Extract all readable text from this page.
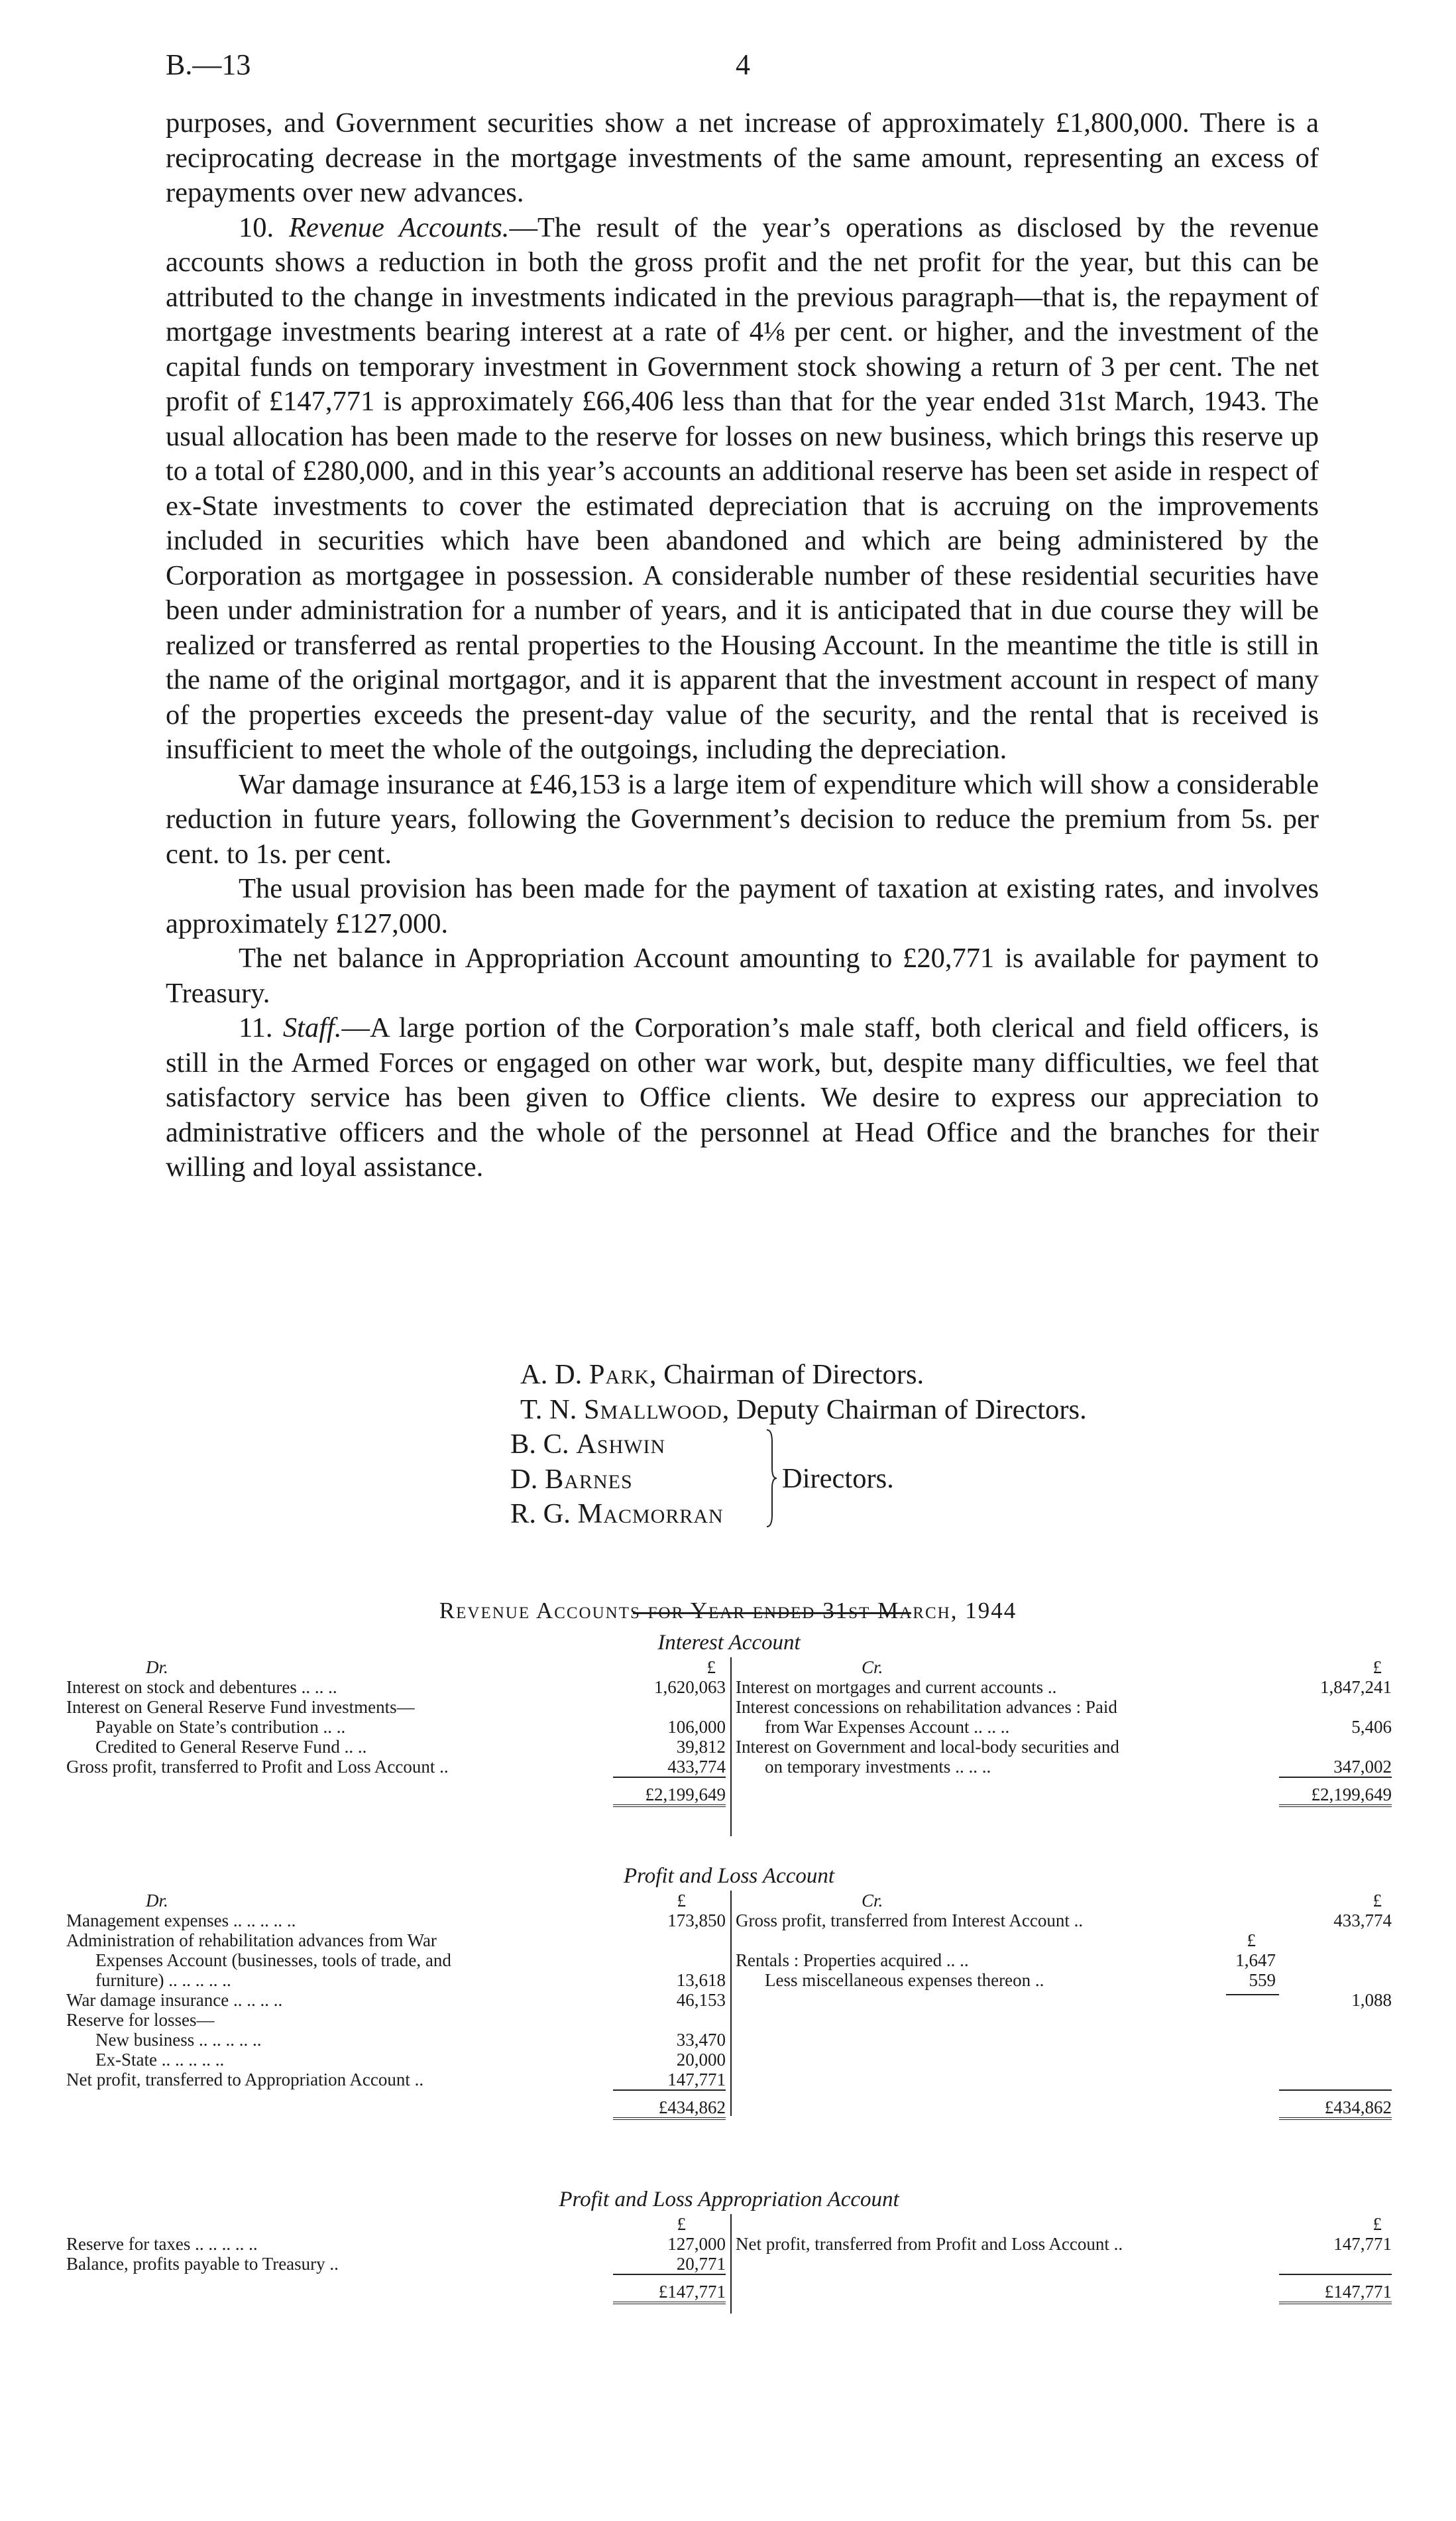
B.—13	4

purposes, and Government securities show a net increase of approximately £1,800,000. There is a reciprocating decrease in the mortgage investments of the same amount, representing an excess of repayments over new advances.

10. Revenue Accounts.—The result of the year’s operations as disclosed by the revenue accounts shows a reduction in both the gross profit and the net profit for the year, but this can be attributed to the change in investments indicated in the previous paragraph—that is, the repayment of mortgage investments bearing interest at a rate of 4⅛ per cent. or higher, and the investment of the capital funds on temporary investment in Government stock showing a return of 3 per cent. The net profit of £147,771 is approximately £66,406 less than that for the year ended 31st March, 1943. The usual allocation has been made to the reserve for losses on new business, which brings this reserve up to a total of £280,000, and in this year’s accounts an additional reserve has been set aside in respect of ex-State investments to cover the estimated depreciation that is accruing on the improvements included in securities which have been abandoned and which are being administered by the Corporation as mortgagee in possession. A considerable number of these residential securities have been under administration for a number of years, and it is anticipated that in due course they will be realized or transferred as rental properties to the Housing Account. In the meantime the title is still in the name of the original mortgagor, and it is apparent that the investment account in respect of many of the properties exceeds the present-day value of the security, and the rental that is received is insufficient to meet the whole of the outgoings, including the depreciation.

War damage insurance at £46,153 is a large item of expenditure which will show a considerable reduction in future years, following the Government’s decision to reduce the premium from 5s. per cent. to 1s. per cent.

The usual provision has been made for the payment of taxation at existing rates, and involves approximately £127,000.

The net balance in Appropriation Account amounting to £20,771 is available for payment to Treasury.

11. Staff.—A large portion of the Corporation’s male staff, both clerical and field officers, is still in the Armed Forces or engaged on other war work, but, despite many difficulties, we feel that satisfactory service has been given to Office clients. We desire to express our appreciation to administrative officers and the whole of the personnel at Head Office and the branches for their willing and loyal assistance.

A. D. Park, Chairman of Directors.
T. N. Smallwood, Deputy Chairman of Directors.
B. C. Ashwin
D. Barnes
R. G. Macmorran
Directors.
Revenue Accounts for Year ended 31st March, 1944
Interest Account
Dr.	£
Interest on stock and debentures .. .. ..	1,620,063
Interest on General Reserve Fund investments—
Payable on State’s contribution .. ..	106,000
Credited to General Reserve Fund .. ..	39,812
Gross profit, transferred to Profit and Loss Account ..	433,774
£2,199,649
Cr.	£
Interest on mortgages and current accounts ..	1,847,241
Interest concessions on rehabilitation advances : Paid
from War Expenses Account .. .. ..	5,406
Interest on Government and local-body securities and
on temporary investments .. .. ..	347,002
£2,199,649
Profit and Loss Account
Dr.	£
Management expenses .. .. .. .. ..	173,850
Administration of rehabilitation advances from War
Expenses Account (businesses, tools of trade, and
furniture) .. .. .. .. ..	13,618
War damage insurance .. .. .. ..	46,153
Reserve for losses—
New business .. .. .. .. ..	33,470
Ex-State .. .. .. .. ..	20,000
Net profit, transferred to Appropriation Account ..	147,771
£434,862
Cr.	£
Gross profit, transferred from Interest Account ..	433,774
£
Rentals : Properties acquired .. ..	1,647
Less miscellaneous expenses thereon ..	559
1,088
£434,862
Profit and Loss Appropriation Account
£
Reserve for taxes .. .. .. .. ..	127,000
Balance, profits payable to Treasury ..	20,771
£147,771
£
Net profit, transferred from Profit and Loss Account ..	147,771
£147,771
